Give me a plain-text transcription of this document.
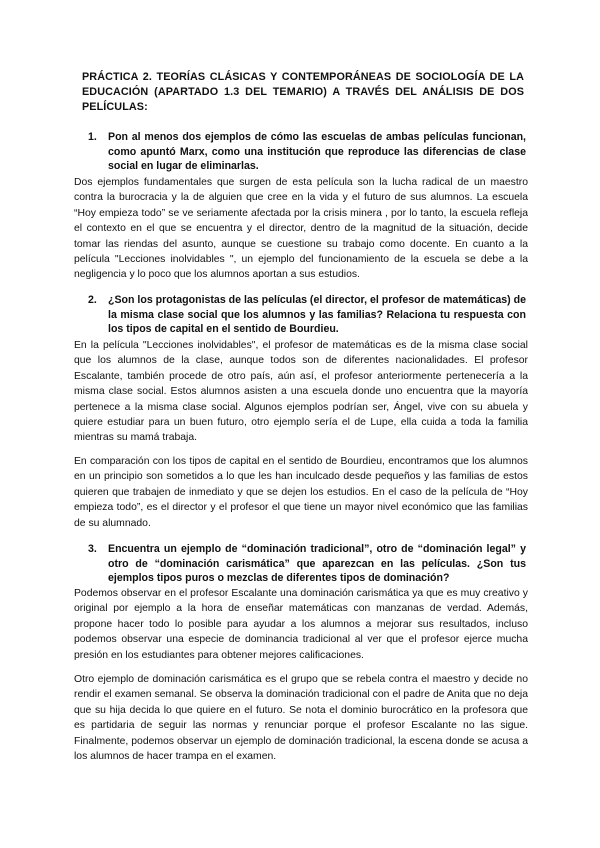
PRÁCTICA 2. TEORÍAS CLÁSICAS Y CONTEMPORÁNEAS DE SOCIOLOGÍA DE LA EDUCACIÓN (APARTADO 1.3 DEL TEMARIO) A TRAVÉS DEL ANÁLISIS DE DOS PELÍCULAS:
1.	Pon al menos dos ejemplos de cómo las escuelas de ambas películas funcionan, como apuntó Marx, como una institución que reproduce las diferencias de clase social en lugar de eliminarlas.
Dos ejemplos fundamentales que surgen de esta película son la lucha radical de un maestro contra la burocracia y la de alguien que cree en la vida y el futuro de sus alumnos. La escuela “Hoy empieza todo” se ve seriamente afectada por la crisis minera , por lo tanto, la escuela refleja el contexto en el que se encuentra y el director, dentro de la magnitud de la situación, decide tomar las riendas del asunto, aunque se cuestione su trabajo como docente. En cuanto a la película "Lecciones inolvidables ", un ejemplo del funcionamiento de la escuela se debe a la negligencia y lo poco que los alumnos aportan a sus estudios.
2.	¿Son los protagonistas de las películas (el director, el profesor de matemáticas) de la misma clase social que los alumnos y las familias? Relaciona tu respuesta con los tipos de capital en el sentido de Bourdieu.
En la película "Lecciones inolvidables", el profesor de matemáticas es de la misma clase social que los alumnos de la clase, aunque todos son de diferentes nacionalidades. El profesor Escalante, también procede de otro país, aún así, el profesor anteriormente pertenecería a la misma clase social. Estos alumnos asisten a una escuela donde uno encuentra que la mayoría pertenece a la misma clase social. Algunos ejemplos podrían ser, Ángel, vive con su abuela y quiere estudiar para un buen futuro, otro ejemplo sería el de Lupe, ella cuida a toda la familia mientras su mamá trabaja.
En comparación con los tipos de capital en el sentido de Bourdieu, encontramos que los alumnos en un principio son sometidos a lo que les han inculcado desde pequeños y las familias de estos quieren que trabajen de inmediato y que se dejen los estudios. En el caso de la película de “Hoy empieza todo”, es el director y el profesor el que tiene un mayor nivel económico que las familias de su alumnado.
3.	Encuentra un ejemplo de “dominación tradicional”, otro de “dominación legal” y otro de “dominación carismática” que aparezcan en las películas. ¿Son tus ejemplos tipos puros o mezclas de diferentes tipos de dominación?
Podemos observar en el profesor Escalante una dominación carismática ya que es muy creativo y original por ejemplo a la hora de enseñar matemáticas con manzanas de verdad. Además, propone hacer todo lo posible para ayudar a los alumnos a mejorar sus resultados, incluso podemos observar una especie de dominancia tradicional al ver que el profesor ejerce mucha presión en los estudiantes para obtener mejores calificaciones.
Otro ejemplo de dominación carismática es el grupo que se rebela contra el maestro y decide no rendir el examen semanal. Se observa la dominación tradicional con el padre de Anita que no deja que su hija decida lo que quiere en el futuro. Se nota el dominio burocrático en la profesora que es partidaria de seguir las normas y renunciar porque el profesor Escalante no las sigue. Finalmente, podemos observar un ejemplo de dominación tradicional, la escena donde se acusa a los alumnos de hacer trampa en el examen.
